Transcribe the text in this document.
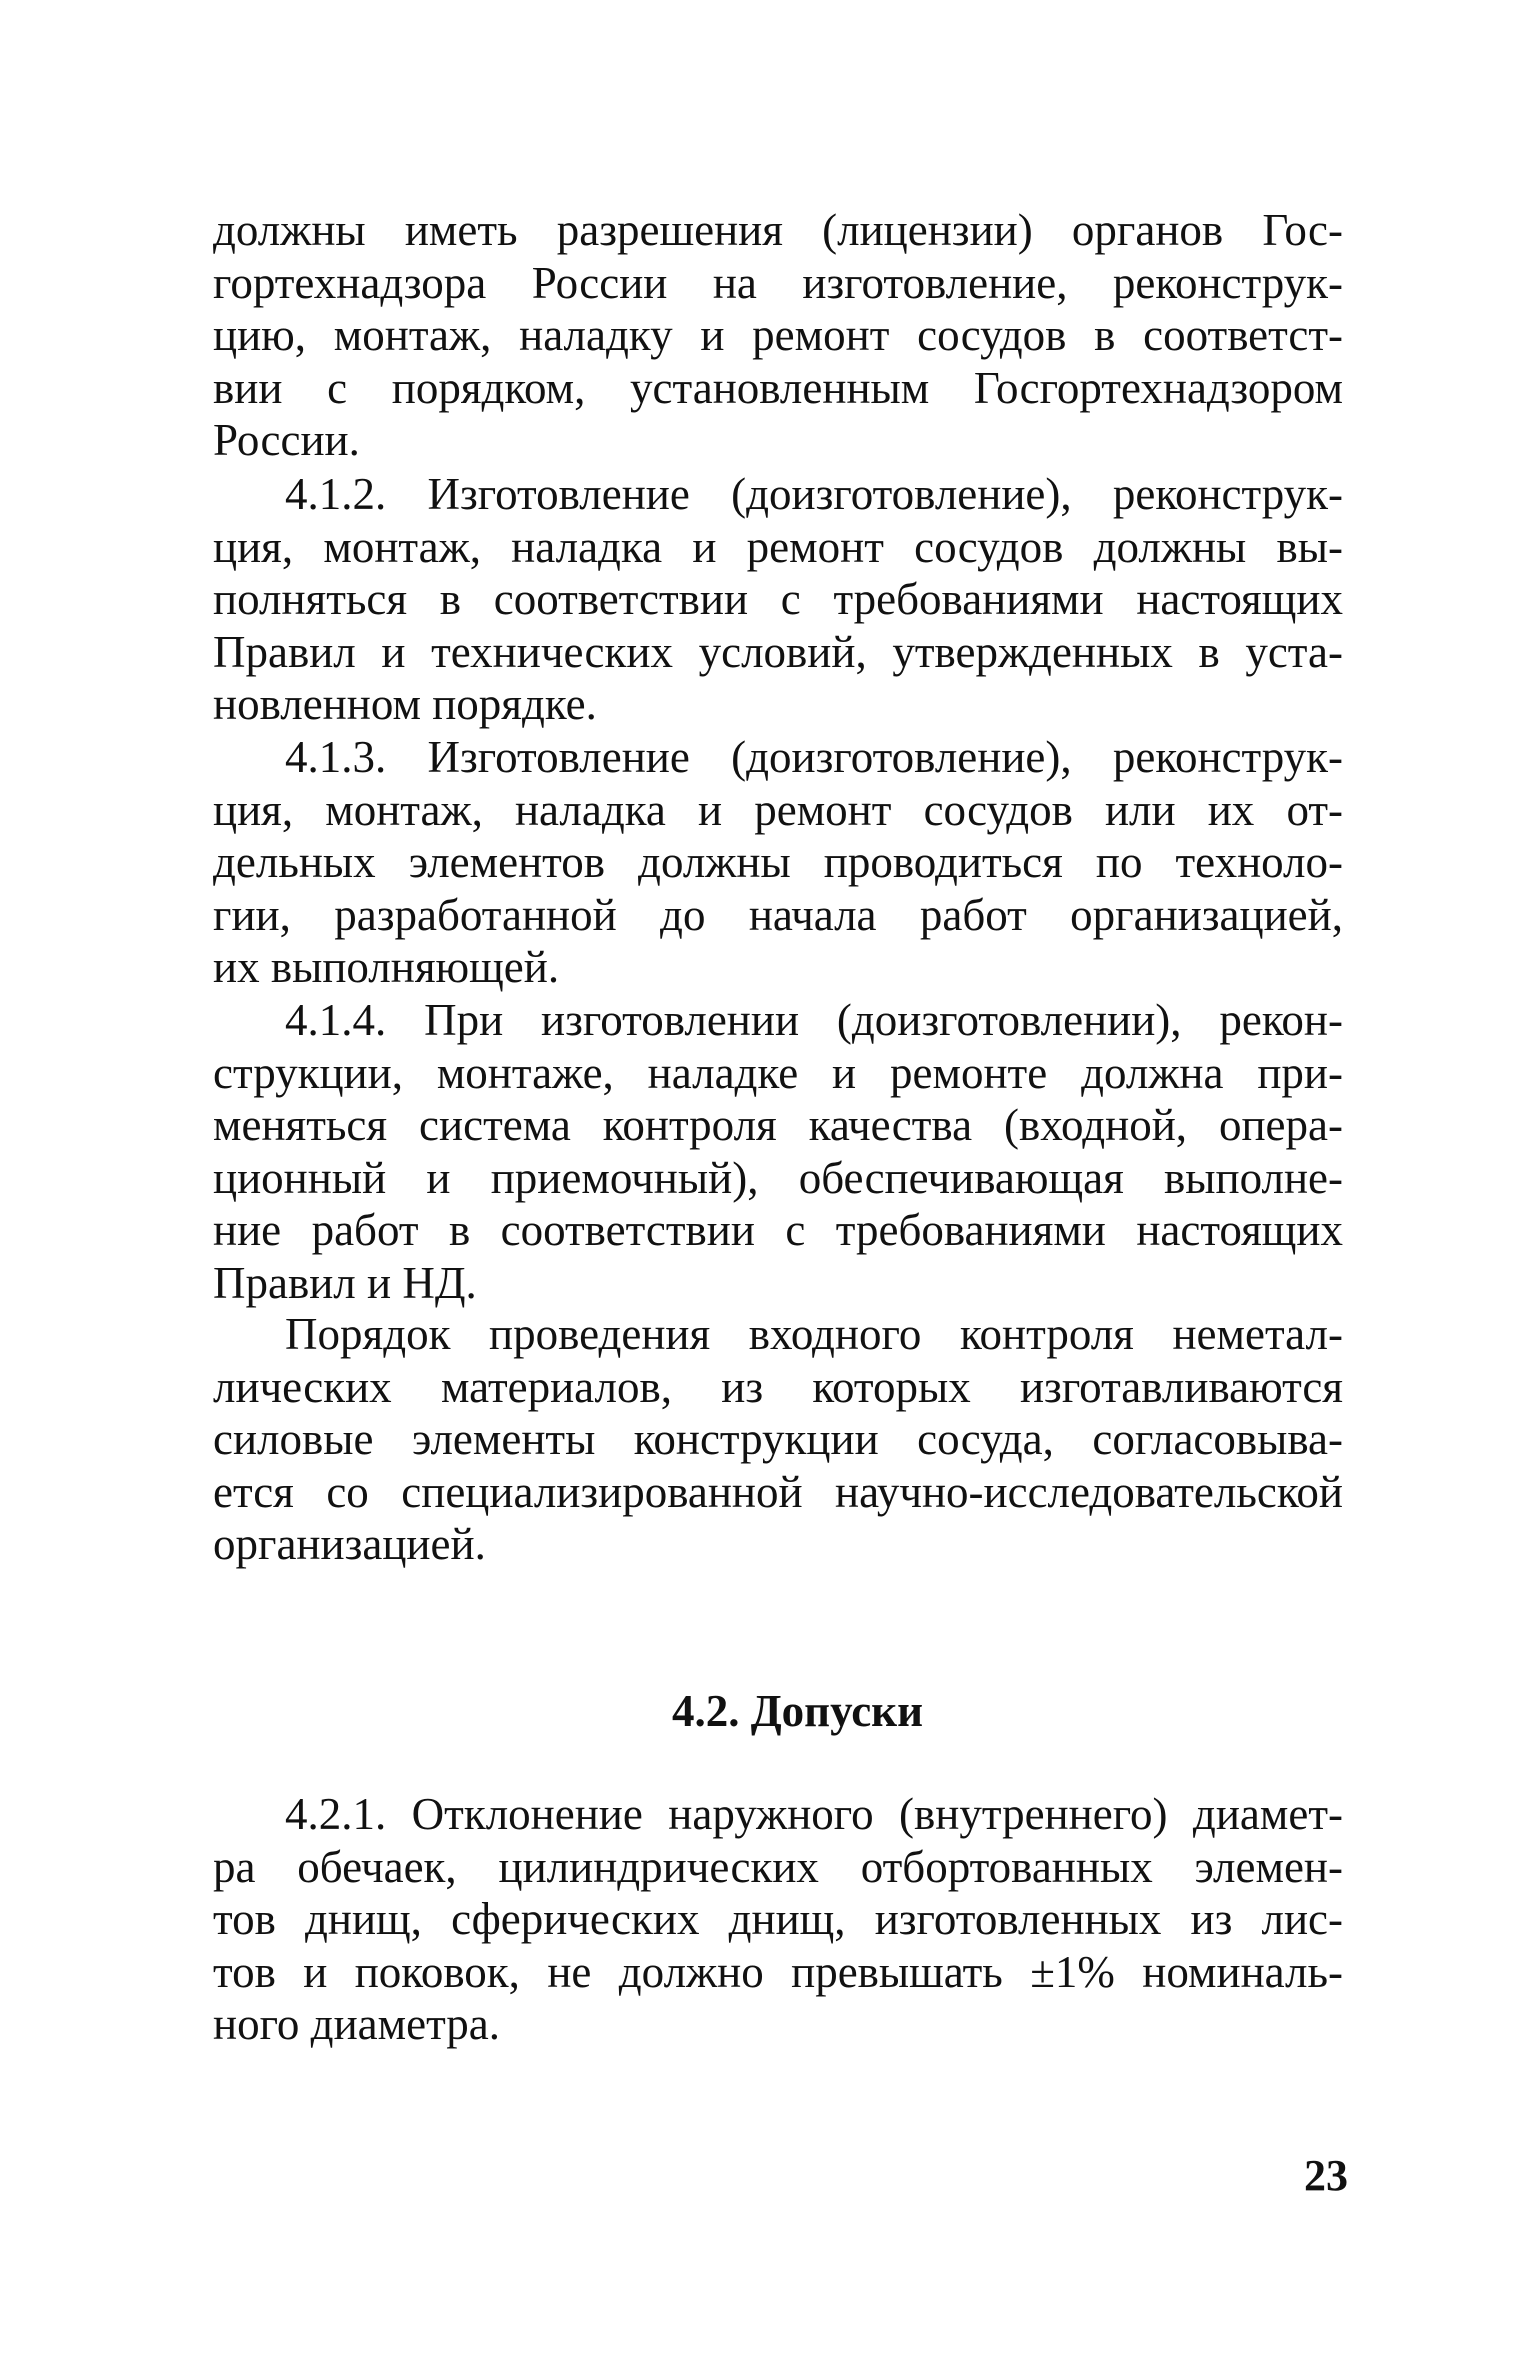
должны иметь разрешения (лицензии) органов Гос-
гортехнадзора России на изготовление, реконструк-
цию, монтаж, наладку и ремонт сосудов в соответст-
вии с порядком, установленным Госгортехнадзором
России.
4.1.2. Изготовление (доизготовление), реконструк-
ция, монтаж, наладка и ремонт сосудов должны вы-
полняться в соответствии с требованиями настоящих
Правил и технических условий, утвержденных в уста-
новленном порядке.
4.1.3. Изготовление (доизготовление), реконструк-
ция, монтаж, наладка и ремонт сосудов или их от-
дельных элементов должны проводиться по техноло-
гии, разработанной до начала работ организацией,
их выполняющей.
4.1.4. При изготовлении (доизготовлении), рекон-
струкции, монтаже, наладке и ремонте должна при-
меняться система контроля качества (входной, опера-
ционный и приемочный), обеспечивающая выполне-
ние работ в соответствии с требованиями настоящих
Правил и НД.
Порядок проведения входного контроля неметал-
лических материалов, из которых изготавливаются
силовые элементы конструкции сосуда, согласовыва-
ется со специализированной научно-исследовательской
организацией.
4.2. Допуски
4.2.1. Отклонение наружного (внутреннего) диамет-
ра обечаек, цилиндрических отбортованных элемен-
тов днищ, сферических днищ, изготовленных из лис-
тов и поковок, не должно превышать ±1% номиналь-
ного диаметра.
23
